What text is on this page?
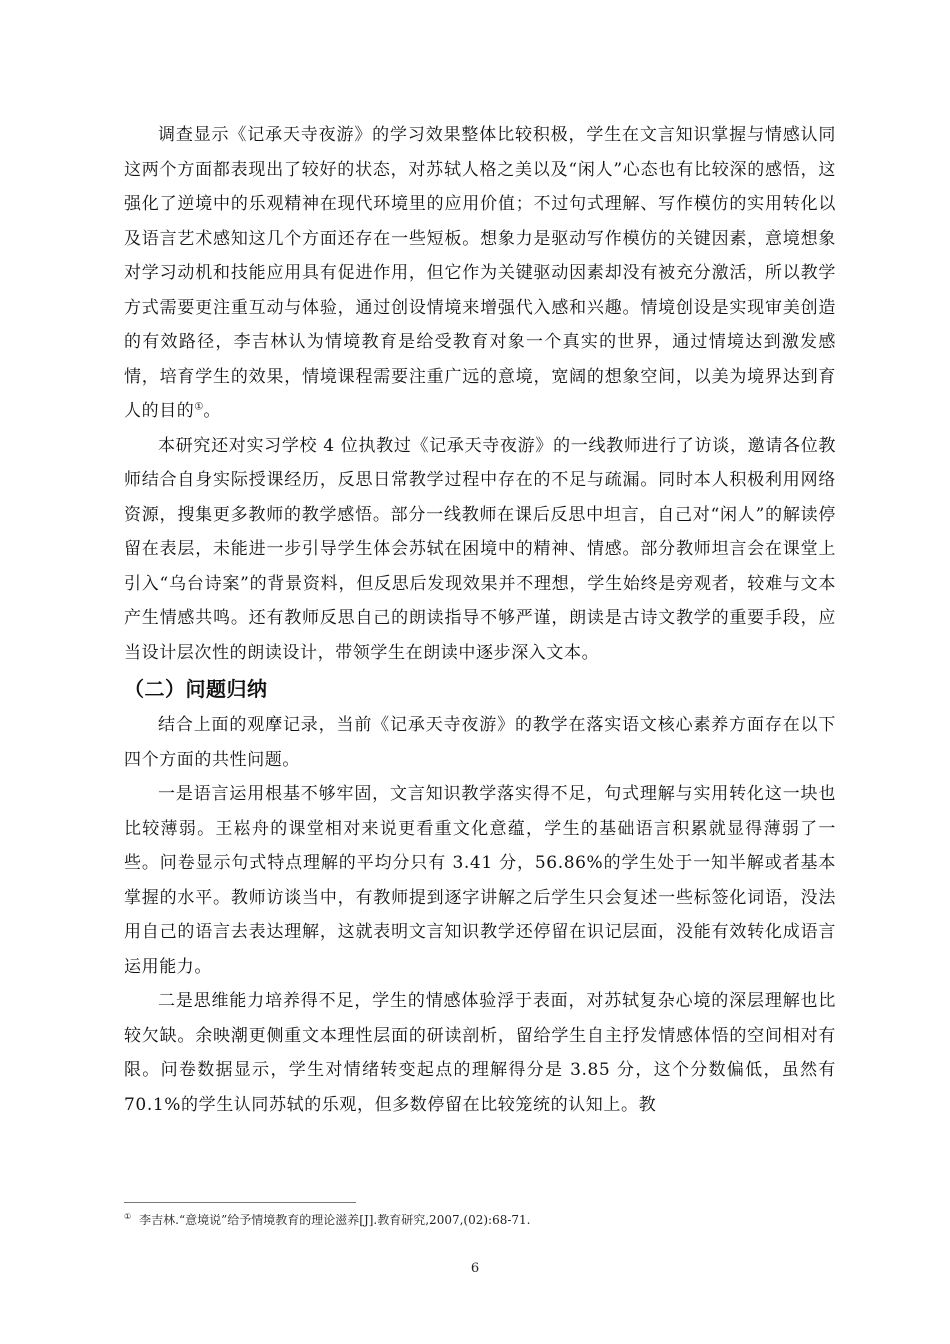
调查显示《记承天寺夜游》的学习效果整体比较积极，学生在文言知识掌握与情感认同这两个方面都表现出了较好的状态，对苏轼人格之美以及“闲人”心态也有比较深的感悟，这强化了逆境中的乐观精神在现代环境里的应用价值；不过句式理解、写作模仿的实用转化以及语言艺术感知这几个方面还存在一些短板。想象力是驱动写作模仿的关键因素，意境想象对学习动机和技能应用具有促进作用，但它作为关键驱动因素却没有被充分激活，所以教学方式需要更注重互动与体验，通过创设情境来增强代入感和兴趣。情境创设是实现审美创造的有效路径，李吉林认为情境教育是给受教育对象一个真实的世界，通过情境达到激发感情，培育学生的效果，情境课程需要注重广远的意境，宽阔的想象空间，以美为境界达到育人的目的①。

本研究还对实习学校 4 位执教过《记承天寺夜游》的一线教师进行了访谈，邀请各位教师结合自身实际授课经历，反思日常教学过程中存在的不足与疏漏。同时本人积极利用网络资源，搜集更多教师的教学感悟。部分一线教师在课后反思中坦言，自己对“闲人”的解读停留在表层，未能进一步引导学生体会苏轼在困境中的精神、情感。部分教师坦言会在课堂上引入“乌台诗案”的背景资料，但反思后发现效果并不理想，学生始终是旁观者，较难与文本产生情感共鸣。还有教师反思自己的朗读指导不够严谨，朗读是古诗文教学的重要手段，应当设计层次性的朗读设计，带领学生在朗读中逐步深入文本。

（二）问题归纳

结合上面的观摩记录，当前《记承天寺夜游》的教学在落实语文核心素养方面存在以下四个方面的共性问题。

一是语言运用根基不够牢固，文言知识教学落实得不足，句式理解与实用转化这一块也比较薄弱。王崧舟的课堂相对来说更看重文化意蕴，学生的基础语言积累就显得薄弱了一些。问卷显示句式特点理解的平均分只有 3.41 分，56.86%的学生处于一知半解或者基本掌握的水平。教师访谈当中，有教师提到逐字讲解之后学生只会复述一些标签化词语，没法用自己的语言去表达理解，这就表明文言知识教学还停留在识记层面，没能有效转化成语言运用能力。

二是思维能力培养得不足，学生的情感体验浮于表面，对苏轼复杂心境的深层理解也比较欠缺。余映潮更侧重文本理性层面的研读剖析，留给学生自主抒发情感体悟的空间相对有限。问卷数据显示，学生对情绪转变起点的理解得分是 3.85 分，这个分数偏低，虽然有 70.1%的学生认同苏轼的乐观，但多数停留在比较笼统的认知上。教

① 李吉林.“意境说”给予情境教育的理论滋养[J].教育研究,2007,(02):68-71.

6
